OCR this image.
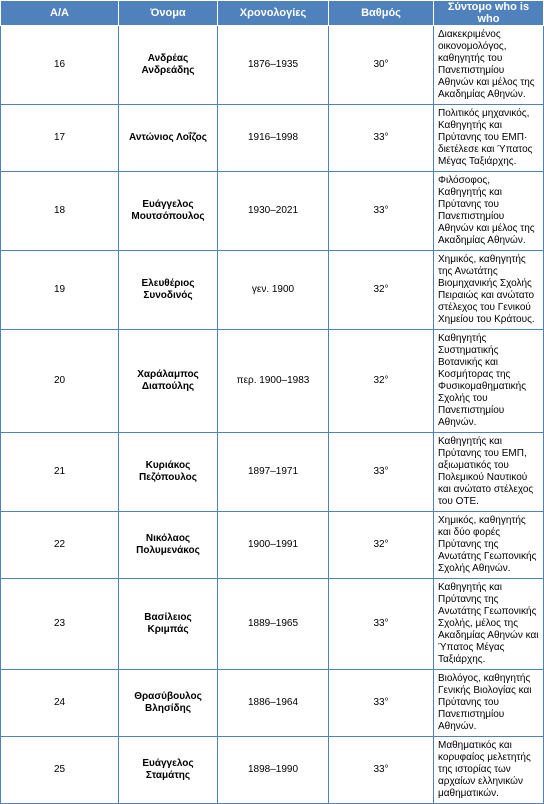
Α/Α	Όνομα	Χρονολογίες	Βαθμός	Σύντομο who is who
16	Ανδρέας Ανδρεάδης	1876–1935	30°	Διακεκριμένος οικονομολόγος, καθηγητής του Πανεπιστημίου Αθηνών και μέλος της Ακαδημίας Αθηνών.
17	Αντώνιος Λοΐζος	1916–1998	33°	Πολιτικός μηχανικός, Καθηγητής και Πρύτανης του ΕΜΠ· διετέλεσε και Ύπατος Μέγας Ταξιάρχης.
18	Ευάγγελος Μουτσόπουλος	1930–2021	33°	Φιλόσοφος, Καθηγητής και Πρύτανης του Πανεπιστημίου Αθηνών και μέλος της Ακαδημίας Αθηνών.
19	Ελευθέριος Συνοδινός	γεν. 1900	32°	Χημικός, καθηγητής της Ανωτάτης Βιομηχανικής Σχολής Πειραιώς και ανώτατο στέλεχος του Γενικού Χημείου του Κράτους.
20	Χαράλαμπος Διαπούλης	περ. 1900–1983	32°	Καθηγητής Συστηματικής Βοτανικής και Κοσμήτορας της Φυσικομαθηματικής Σχολής του Πανεπιστημίου Αθηνών.
21	Κυριάκος Πεζόπουλος	1897–1971	33°	Καθηγητής και Πρύτανης του ΕΜΠ, αξιωματικός του Πολεμικού Ναυτικού και ανώτατο στέλεχος του ΟΤΕ.
22	Νικόλαος Πολυμενάκος	1900–1991	32°	Χημικός, καθηγητής και δύο φορές Πρύτανης της Ανωτάτης Γεωπονικής Σχολής Αθηνών.
23	Βασίλειος Κριμπάς	1889–1965	33°	Καθηγητής και Πρύτανης της Ανωτάτης Γεωπονικής Σχολής, μέλος της Ακαδημίας Αθηνών και Ύπατος Μέγας Ταξιάρχης.
24	Θρασύβουλος Βλησίδης	1886–1964	33°	Βιολόγος, καθηγητής Γενικής Βιολογίας και Πρύτανης του Πανεπιστημίου Αθηνών.
25	Ευάγγελος Σταμάτης	1898–1990	33°	Μαθηματικός και κορυφαίος μελετητής της ιστορίας των αρχαίων ελληνικών μαθηματικών.
